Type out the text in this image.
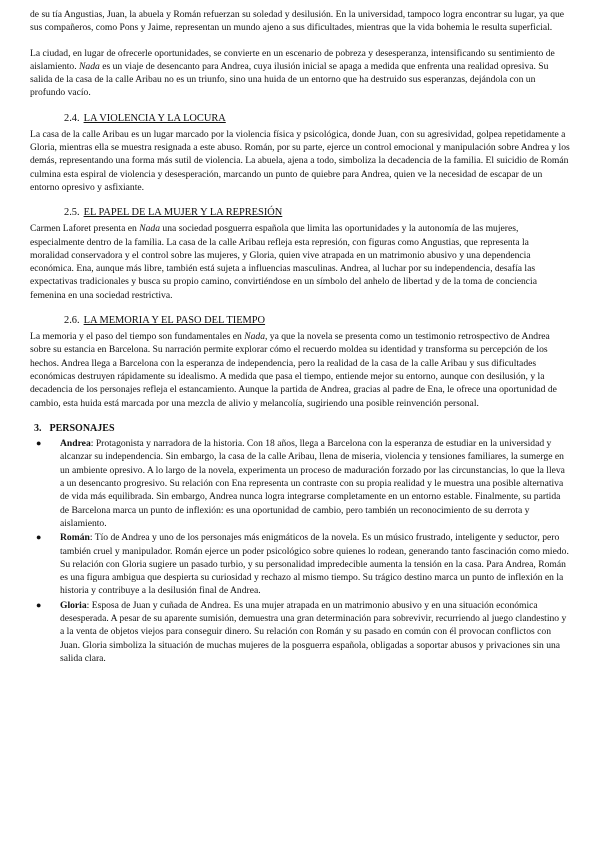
de su tía Angustias, Juan, la abuela y Román refuerzan su soledad y desilusión. En la universidad, tampoco logra encontrar su lugar, ya que sus compañeros, como Pons y Jaime, representan un mundo ajeno a sus dificultades, mientras que la vida bohemia le resulta superficial.

La ciudad, en lugar de ofrecerle oportunidades, se convierte en un escenario de pobreza y desesperanza, intensificando su sentimiento de aislamiento. Nada es un viaje de desencanto para Andrea, cuya ilusión inicial se apaga a medida que enfrenta una realidad opresiva. Su salida de la casa de la calle Aribau no es un triunfo, sino una huida de un entorno que ha destruido sus esperanzas, dejándola con un profundo vacío.

2.4. LA VIOLENCIA Y LA LOCURA

La casa de la calle Aribau es un lugar marcado por la violencia física y psicológica, donde Juan, con su agresividad, golpea repetidamente a Gloria, mientras ella se muestra resignada a este abuso. Román, por su parte, ejerce un control emocional y manipulación sobre Andrea y los demás, representando una forma más sutil de violencia. La abuela, ajena a todo, simboliza la decadencia de la familia. El suicidio de Román culmina esta espiral de violencia y desesperación, marcando un punto de quiebre para Andrea, quien ve la necesidad de escapar de un entorno opresivo y asfixiante.

2.5. EL PAPEL DE LA MUJER Y LA REPRESIÓN

Carmen Laforet presenta en Nada una sociedad posguerra española que limita las oportunidades y la autonomía de las mujeres, especialmente dentro de la familia. La casa de la calle Aribau refleja esta represión, con figuras como Angustias, que representa la moralidad conservadora y el control sobre las mujeres, y Gloria, quien vive atrapada en un matrimonio abusivo y una dependencia económica. Ena, aunque más libre, también está sujeta a influencias masculinas. Andrea, al luchar por su independencia, desafía las expectativas tradicionales y busca su propio camino, convirtiéndose en un símbolo del anhelo de libertad y de la toma de conciencia femenina en una sociedad restrictiva.

2.6. LA MEMORIA Y EL PASO DEL TIEMPO

La memoria y el paso del tiempo son fundamentales en Nada, ya que la novela se presenta como un testimonio retrospectivo de Andrea sobre su estancia en Barcelona. Su narración permite explorar cómo el recuerdo moldea su identidad y transforma su percepción de los hechos. Andrea llega a Barcelona con la esperanza de independencia, pero la realidad de la casa de la calle Aribau y sus dificultades económicas destruyen rápidamente su idealismo. A medida que pasa el tiempo, entiende mejor su entorno, aunque con desilusión, y la decadencia de los personajes refleja el estancamiento. Aunque la partida de Andrea, gracias al padre de Ena, le ofrece una oportunidad de cambio, esta huida está marcada por una mezcla de alivio y melancolía, sugiriendo una posible reinvención personal.

3. PERSONAJES
● Andrea: Protagonista y narradora de la historia. Con 18 años, llega a Barcelona con la esperanza de estudiar en la universidad y alcanzar su independencia. Sin embargo, la casa de la calle Aribau, llena de miseria, violencia y tensiones familiares, la sumerge en un ambiente opresivo. A lo largo de la novela, experimenta un proceso de maduración forzado por las circunstancias, lo que la lleva a un desencanto progresivo. Su relación con Ena representa un contraste con su propia realidad y le muestra una posible alternativa de vida más equilibrada. Sin embargo, Andrea nunca logra integrarse completamente en un entorno estable. Finalmente, su partida de Barcelona marca un punto de inflexión: es una oportunidad de cambio, pero también un reconocimiento de su derrota y aislamiento.
● Román: Tío de Andrea y uno de los personajes más enigmáticos de la novela. Es un músico frustrado, inteligente y seductor, pero también cruel y manipulador. Román ejerce un poder psicológico sobre quienes lo rodean, generando tanto fascinación como miedo. Su relación con Gloria sugiere un pasado turbio, y su personalidad impredecible aumenta la tensión en la casa. Para Andrea, Román es una figura ambigua que despierta su curiosidad y rechazo al mismo tiempo. Su trágico destino marca un punto de inflexión en la historia y contribuye a la desilusión final de Andrea.
● Gloria: Esposa de Juan y cuñada de Andrea. Es una mujer atrapada en un matrimonio abusivo y en una situación económica desesperada. A pesar de su aparente sumisión, demuestra una gran determinación para sobrevivir, recurriendo al juego clandestino y a la venta de objetos viejos para conseguir dinero. Su relación con Román y su pasado en común con él provocan conflictos con Juan. Gloria simboliza la situación de muchas mujeres de la posguerra española, obligadas a soportar abusos y privaciones sin una salida clara.
